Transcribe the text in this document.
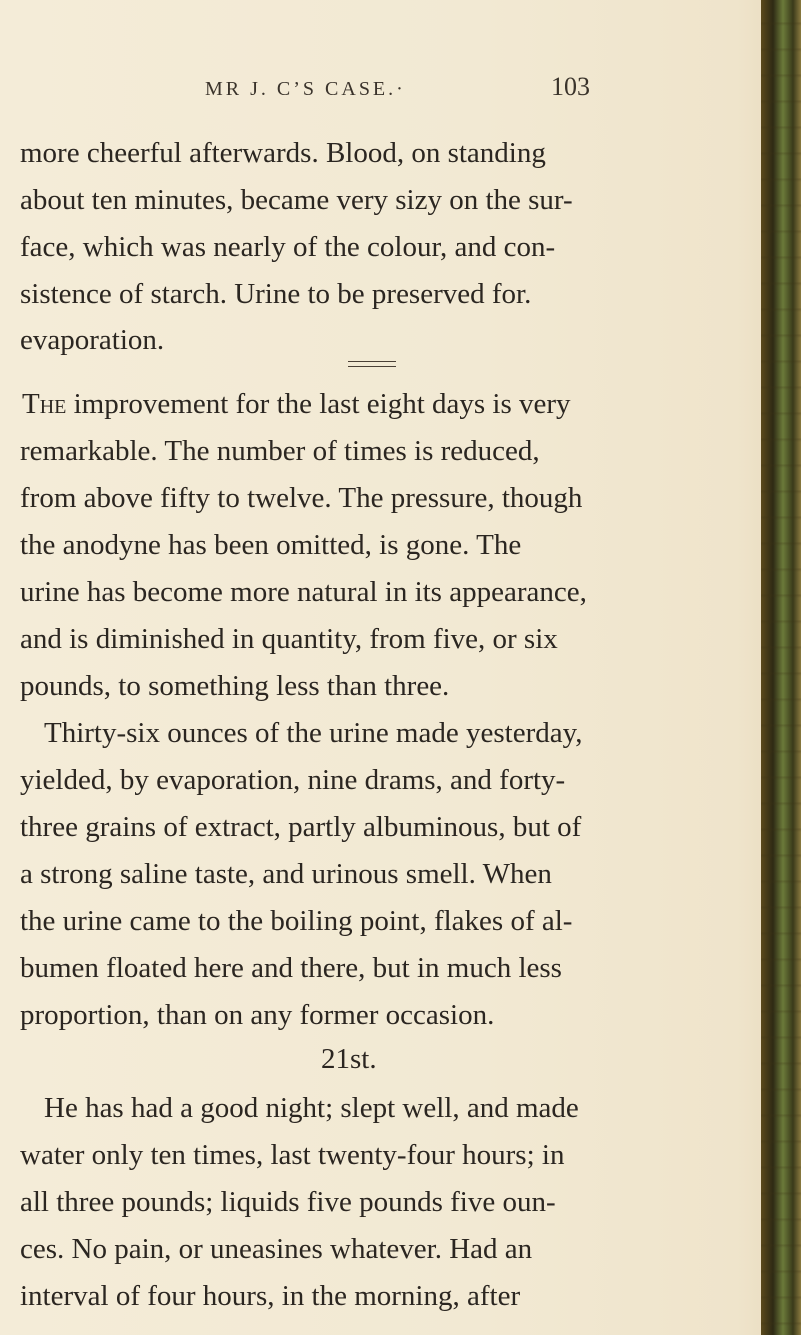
MR J. C’S CASE.·	103
more cheerful afterwards. Blood, on standing
about ten minutes, became very sizy on the sur-
face, which was nearly of the colour, and con-
sistence of starch. Urine to be preserved for.
evaporation.
The improvement for the last eight days is very
remarkable. The number of times is reduced,
from above fifty to twelve. The pressure, though
the anodyne has been omitted, is gone. The
urine has become more natural in its appearance,
and is diminished in quantity, from five, or six
pounds, to something less than three.
Thirty-six ounces of the urine made yesterday,
yielded, by evaporation, nine drams, and forty-
three grains of extract, partly albuminous, but of
a strong saline taste, and urinous smell. When
the urine came to the boiling point, flakes of al-
bumen floated here and there, but in much less
proportion, than on any former occasion.
21st.
He has had a good night; slept well, and made
water only ten times, last twenty-four hours; in
all three pounds; liquids five pounds five oun-
ces. No pain, or uneasines whatever. Had an
interval of four hours, in the morning, after
